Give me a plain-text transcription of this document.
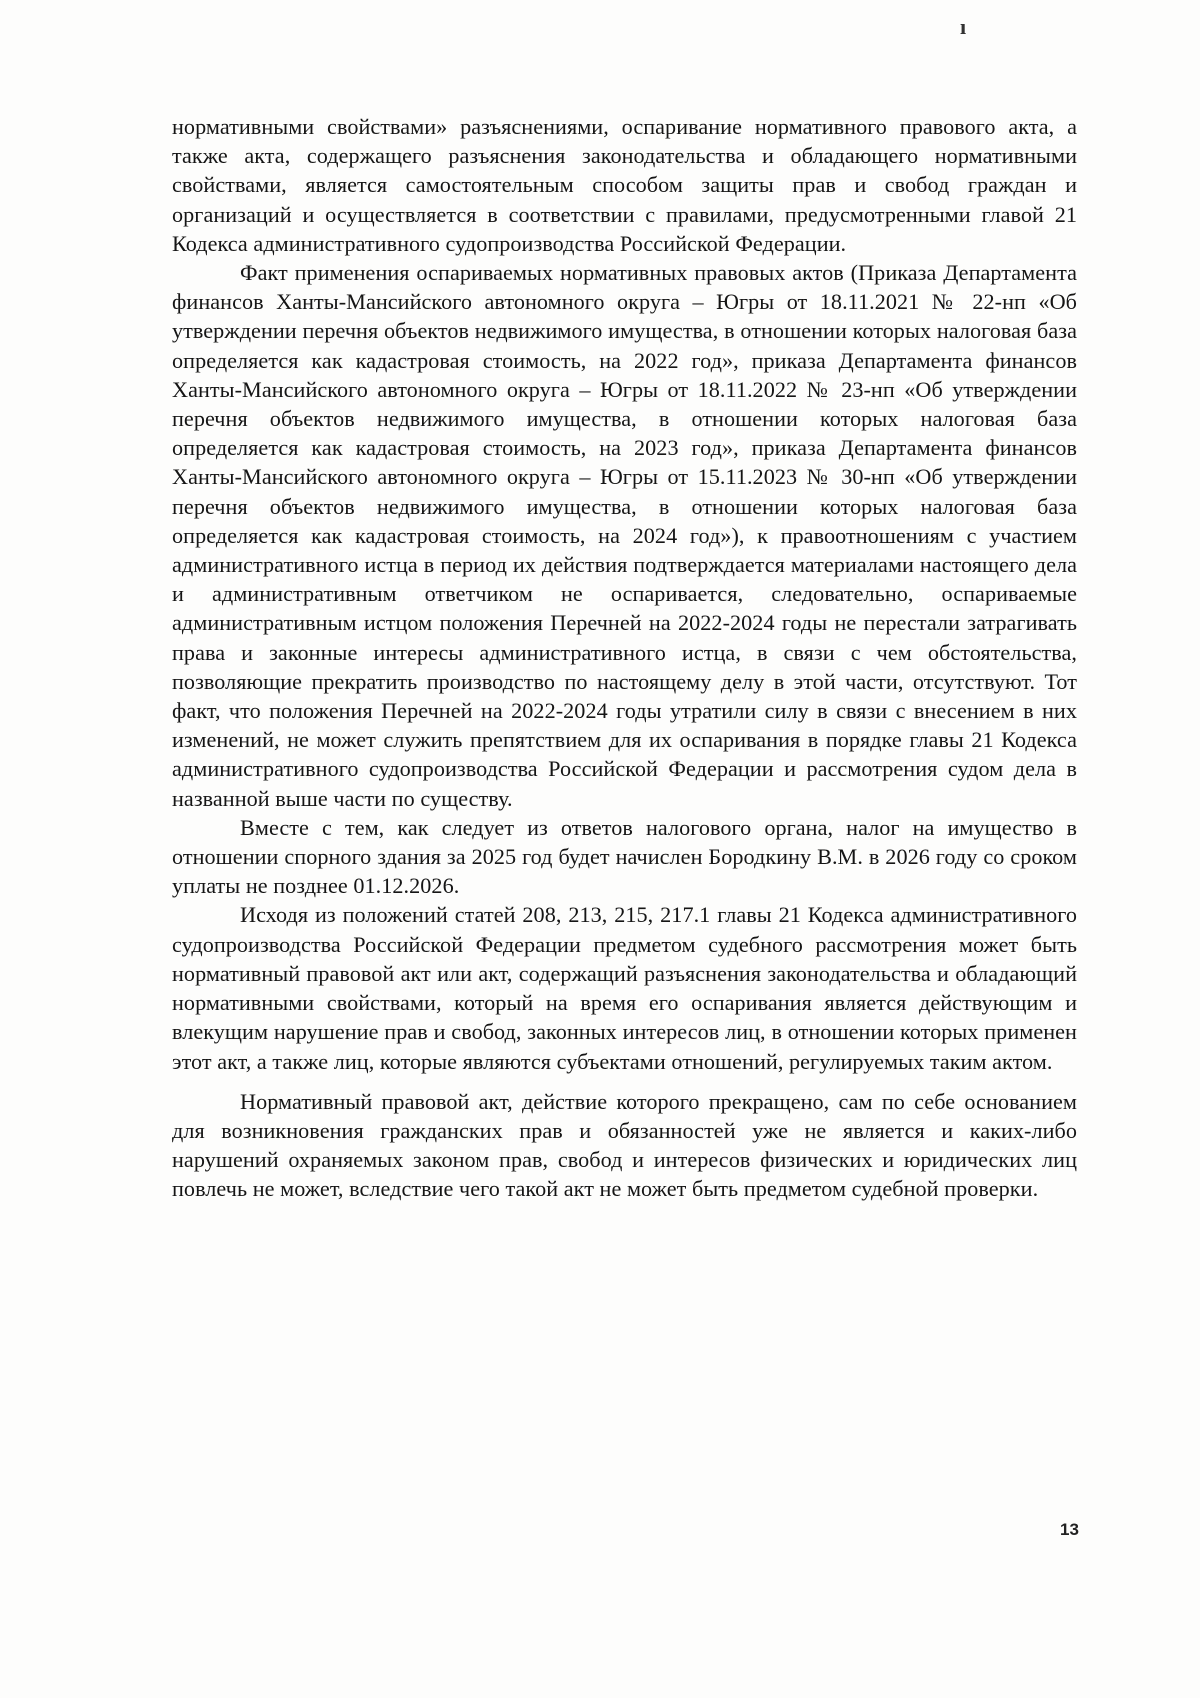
ı

нормативными свойствами» разъяснениями, оспаривание нормативного правового акта, а также акта, содержащего разъяснения законодательства и обладающего нормативными свойствами, является самостоятельным способом защиты прав и свобод граждан и организаций и осуществляется в соответствии с правилами, предусмотренными главой 21 Кодекса административного судопроизводства Российской Федерации.

Факт применения оспариваемых нормативных правовых актов (Приказа Департамента финансов Ханты-Мансийского автономного округа – Югры от 18.11.2021 № 22-нп «Об утверждении перечня объектов недвижимого имущества, в отношении которых налоговая база определяется как кадастровая стоимость, на 2022 год», приказа Департамента финансов Ханты-Мансийского автономного округа – Югры от 18.11.2022 № 23-нп «Об утверждении перечня объектов недвижимого имущества, в отношении которых налоговая база определяется как кадастровая стоимость, на 2023 год», приказа Департамента финансов Ханты-Мансийского автономного округа – Югры от 15.11.2023 № 30-нп «Об утверждении перечня объектов недвижимого имущества, в отношении которых налоговая база определяется как кадастровая стоимость, на 2024 год»), к правоотношениям с участием административного истца в период их действия подтверждается материалами настоящего дела и административным ответчиком не оспаривается, следовательно, оспариваемые административным истцом положения Перечней на 2022-2024 годы не перестали затрагивать права и законные интересы административного истца, в связи с чем обстоятельства, позволяющие прекратить производство по настоящему делу в этой части, отсутствуют. Тот факт, что положения Перечней на 2022-2024 годы утратили силу в связи с внесением в них изменений, не может служить препятствием для их оспаривания в порядке главы 21 Кодекса административного судопроизводства Российской Федерации и рассмотрения судом дела в названной выше части по существу.

Вместе с тем, как следует из ответов налогового органа, налог на имущество в отношении спорного здания за 2025 год будет начислен Бородкину В.М. в 2026 году со сроком уплаты не позднее 01.12.2026.

Исходя из положений статей 208, 213, 215, 217.1 главы 21 Кодекса административного судопроизводства Российской Федерации предметом судебного рассмотрения может быть нормативный правовой акт или акт, содержащий разъяснения законодательства и обладающий нормативными свойствами, который на время его оспаривания является действующим и влекущим нарушение прав и свобод, законных интересов лиц, в отношении которых применен этот акт, а также лиц, которые являются субъектами отношений, регулируемых таким актом.

Нормативный правовой акт, действие которого прекращено, сам по себе основанием для возникновения гражданских прав и обязанностей уже не является и каких-либо нарушений охраняемых законом прав, свобод и интересов физических и юридических лиц повлечь не может, вследствие чего такой акт не может быть предметом судебной проверки.

13
